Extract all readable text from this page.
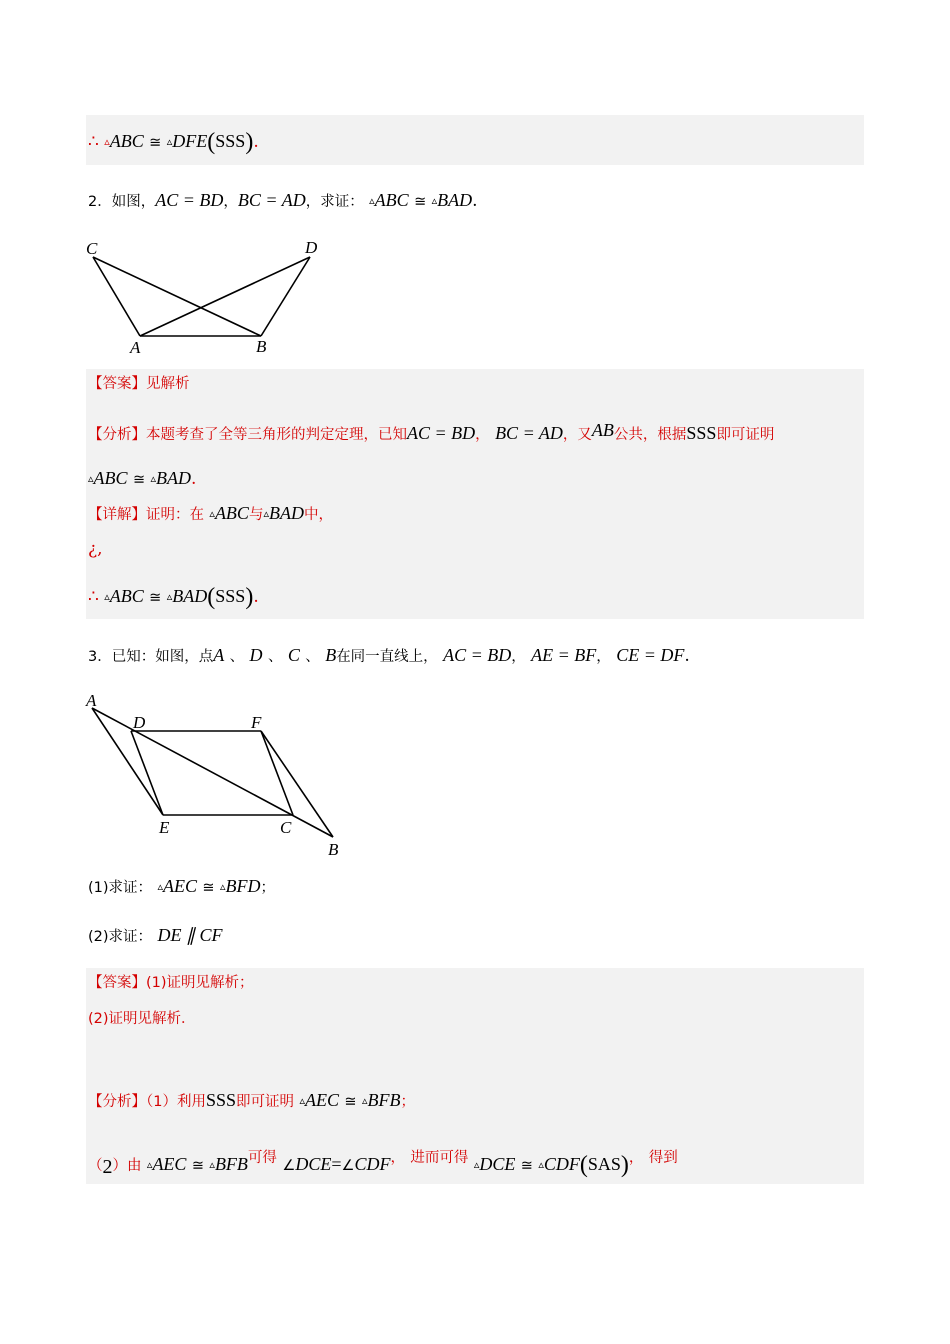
∴ ▵ABC ≅ ▵DFE(SSS).
2．如图，AC = BD，BC = AD，求证： ▵ABC ≅ ▵BAD.
C	D
A	B
【答案】见解析
【分析】本题考查了全等三角形的判定定理，已知AC = BD， BC = AD，又AB公共，根据SSS即可证明
▵ABC ≅ ▵BAD.
【详解】证明：在 ▵ABC与▵BAD中，
¿,
∴ ▵ABC ≅ ▵BAD(SSS).
3．已知：如图，点A 、 D 、 C 、 B在同一直线上， AC = BD， AE = BF， CE = DF.
A
D	F
E	C
B
(1)求证： ▵AEC ≅ ▵BFD；
(2)求证： DE ∥ CF
【答案】(1)证明见解析；
(2)证明见解析．
【分析】（1）利用SSS即可证明 ▵AEC ≅ ▵BFB；
（2）由 ▵AEC ≅ ▵BFB可得 ∠DCE=∠CDF， 进而可得 ▵DCE ≅ ▵CDF(SAS)， 得到
